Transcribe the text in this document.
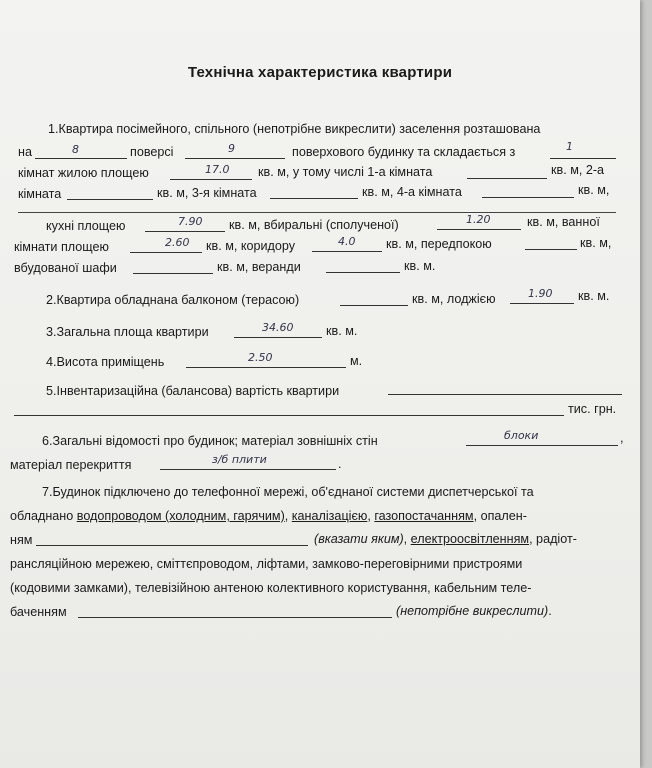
Технічна характеристика квартири
1.Квартира посімейного, спільного (непотрібне викреслити) заселення розташована
на	8	поверсі	9	поверхового будинку та складається з	1
кімнат жилою площею	17.0 кв. м, у тому числі 1-а кімната	кв. м, 2-а
кімната	кв. м, 3-я кімната	кв. м, 4-а кімната	кв. м,
кухні площею	7.90 кв. м, вбиральні (сполученої)	1.20	кв. м, ванної
кімнати площею	2.60 кв. м, коридору	4.0 кв. м, передпокою	кв. м,
вбудованої шафи	кв. м, веранди	кв. м.
2.Квартира обладнана балконом (терасою)	кв. м, лоджією	1.90 кв. м.
3.Загальна площа квартири	34.60	кв. м.
4.Висота приміщень	2.50	м.
5.Інвентаризаційна (балансова) вартість квартири
тис. грн.
6.Загальні відомості про будинок; матеріал зовнішніх стін	блоки	,
матеріал перекриття	з/б плити	.
7.Будинок підключено до телефонної мережі, об'єднаної системи диспетчерської та
обладнано водопроводом (холодним, гарячим), каналізацією, газопостачанням, опален-
ням	(вказати яким), електроосвітленням, радіот-
рансляційною мережею, сміттєпроводом, ліфтами, замково-переговірними пристроями
(кодовими замками), телевізійною антеною колективного користування, кабельним теле-
баченням	(непотрібне викреслити).
